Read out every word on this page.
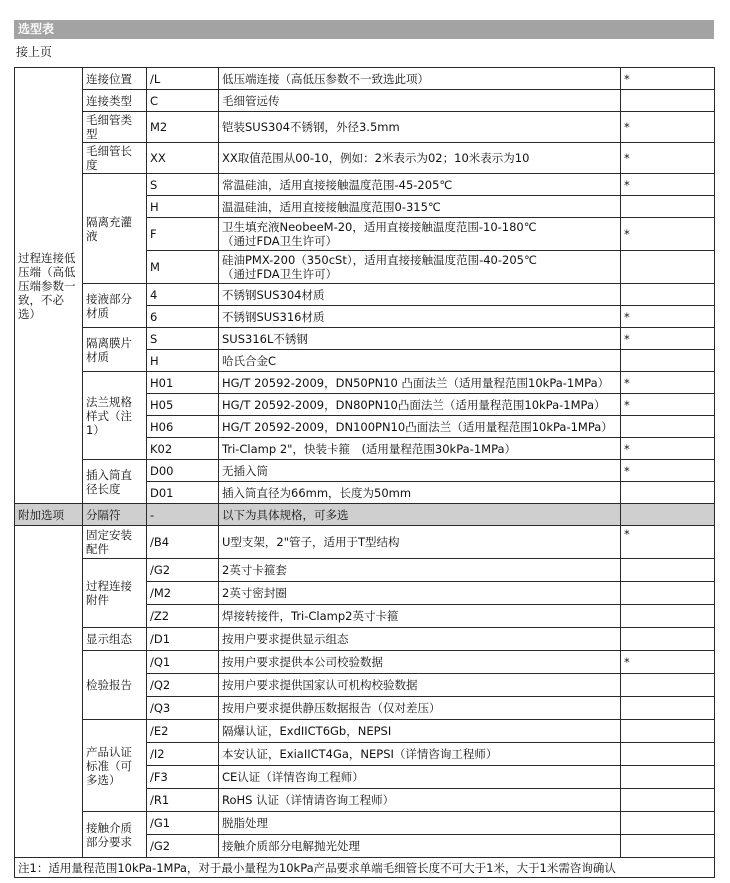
选型表
接上页
过程连接低压端（高低压端参数一致，不必选）	连接位置	/L	低压端连接（高低压参数不一致选此项）	*
	连接类型	C	毛细管远传	
	毛细管类型	M2	铠装SUS304不锈钢，外径3.5mm	*
	毛细管长度	XX	XX取值范围从00-10，例如：2米表示为02；10米表示为10	*
	隔离充灌液	S	常温硅油，适用直接接触温度范围-45-205℃	*
		H	温温硅油，适用直接接触温度范围0-315℃	
		F	卫生填充液NeobeeM-20，适用直接接触温度范围-10-180℃
（通过FDA卫生许可）	*
		M	硅油PMX-200（350cSt），适用直接接触温度范围-40-205℃
（通过FDA卫生许可）	

	接液部分材质	4	不锈钢SUS304材质	
		6	不锈钢SUS316材质	*
	隔离膜片材质	S	SUS316L不锈钢	*
		H	哈氏合金C	
	法兰规格样式（注1）	H01	HG/T 20592-2009，DN50PN10 凸面法兰（适用量程范围10kPa-1MPa）	*
		H05	HG/T 20592-2009，DN80PN10凸面法兰（适用量程范围10kPa-1MPa）	*
		H06	HG/T 20592-2009，DN100PN10凸面法兰（适用量程范围10kPa-1MPa）	
		K02	Tri-Clamp 2"，快装卡箍　(适用量程范围30kPa-1MPa）	*
	插入筒直径长度	D00	无插入筒	*
		D01	插入筒直径为66mm，长度为50mm	
附加选项	分隔符	-	以下为具体规格，可多选	
	固定安装配件	/B4	U型支架，2"管子，适用于T型结构	*
	过程连接附件	/G2	2英寸卡箍套	
		/M2	2英寸密封圈	
		/Z2	焊接转接件，Tri-Clamp2英寸卡箍	
	显示组态	/D1	按用户要求提供显示组态	
	检验报告	/Q1	按用户要求提供本公司校验数据	*
		/Q2	按用户要求提供国家认可机构校验数据	
		/Q3	按用户要求提供静压数据报告（仅对差压）	
	产品认证标准（可多选）	/E2	隔爆认证，ExdIICT6Gb，NEPSI	
		/I2	本安认证，ExiaIICT4Ga，NEPSI（详情咨询工程师）	
		/F3	CE认证（详情咨询工程师）	
		/R1	RoHS 认证（详情请咨询工程师）	
	接触介质部分要求	/G1	脱脂处理	
		/G2	接触介质部分电解抛光处理	
注1：适用量程范围10kPa-1MPa，对于最小量程为10kPa产品要求单端毛细管长度不可大于1米，大于1米需咨询确认				
